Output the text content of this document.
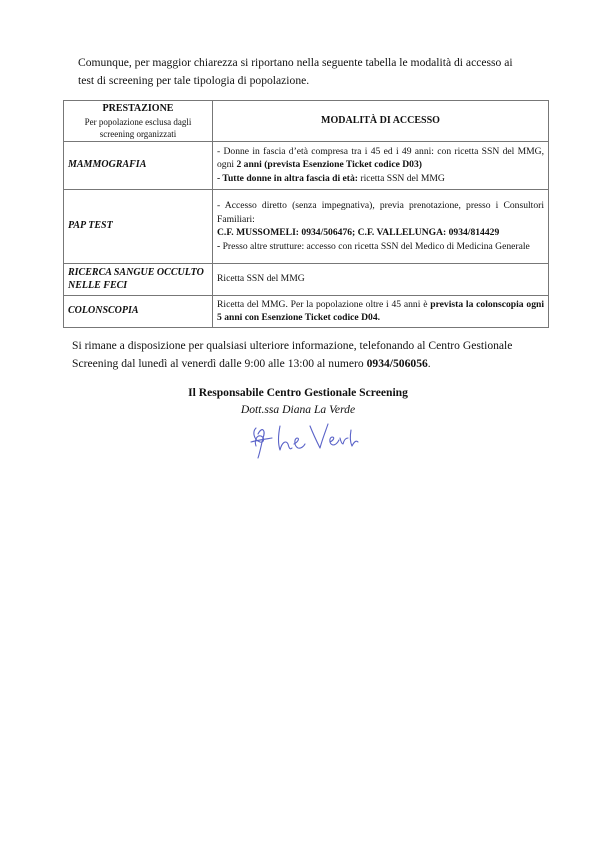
Comunque, per maggior chiarezza si riportano nella seguente tabella le modalità di accesso ai
test di screening per tale tipologia di popolazione.
PRESTAZIONE
Per popolazione esclusa dagli screening organizzati	MODALITÀ DI ACCESSO
MAMMOGRAFIA	- Donne in fascia d’età compresa tra i 45 ed i 49 anni: con ricetta SSN del MMG, ogni 2 anni (prevista Esenzione Ticket codice D03)
- Tutte donne in altra fascia di età: ricetta SSN del MMG
PAP TEST	- Accesso diretto (senza impegnativa), previa prenotazione, presso i Consultori Familiari:
C.F. MUSSOMELI: 0934/506476; C.F. VALLELUNGA: 0934/814429
- Presso altre strutture: accesso con ricetta SSN del Medico di Medicina Generale
RICERCA SANGUE OCCULTO NELLE FECI	Ricetta SSN del MMG
COLONSCOPIA	Ricetta del MMG. Per la popolazione oltre i 45 anni è prevista la colonscopia ogni 5 anni con Esenzione Ticket codice D04.
Si rimane a disposizione per qualsiasi ulteriore informazione, telefonando al Centro Gestionale Screening dal lunedì al venerdì dalle 9:00 alle 13:00 al numero 0934/506056.
Il Responsabile Centro Gestionale Screening
Dott.ssa Diana La Verde
